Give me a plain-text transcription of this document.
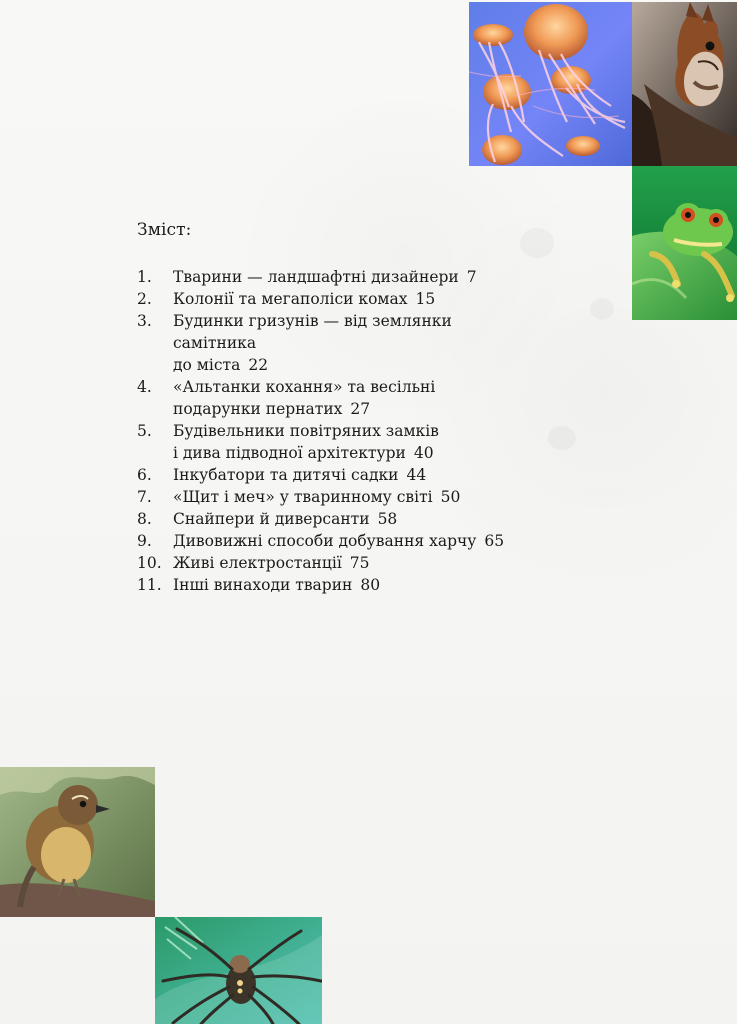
Зміст:
1.	Тварини — ландшафтні дизайнери 7
2.	Колонії та мегаполіси комах 15
3.	Будинки гризунів — від землянки самітника
до міста 22
4.	«Альтанки кохання» та весільні
подарунки пернатих 27
5.	Будівельники повітряних замків
і дива підводної архітектури 40
6.	Інкубатори та дитячі садки 44
7.	«Щит і меч» у тваринному світі 50
8.	Снайпери й диверсанти 58
9.	Дивовижні способи добування харчу 65
10. Живі електростанції 75
11. Інші винаходи тварин 80
